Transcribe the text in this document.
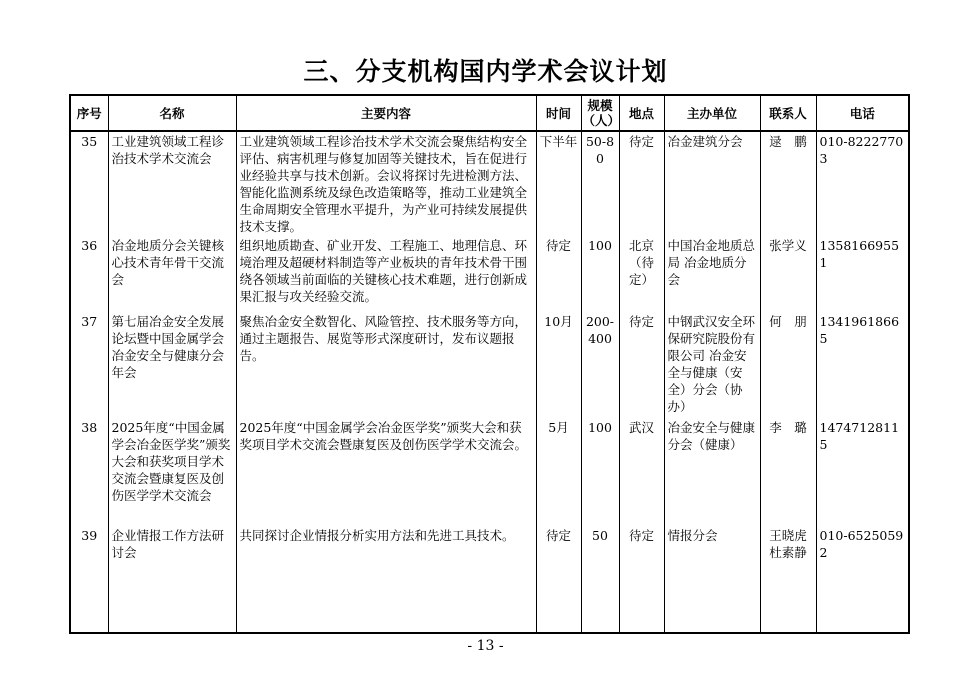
三、分支机构国内学术会议计划
序号	名称	主要内容	时间	规模（人）	地点	主办单位	联系人	电话
35	工业建筑领域工程诊治技术学术交流会	工业建筑领域工程诊治技术学术交流会聚焦结构安全评估、病害机理与修复加固等关键技术，旨在促进行业经验共享与技术创新。会议将探讨先进检测方法、智能化监测系统及绿色改造策略等，推动工业建筑全生命周期安全管理水平提升，为产业可持续发展提供技术支撑。	下半年	50-80	待定	冶金建筑分会	逯　鹏	010-82227703
36	冶金地质分会关键核心技术青年骨干交流会	组织地质勘查、矿业开发、工程施工、地理信息、环境治理及超硬材料制造等产业板块的青年技术骨干围绕各领域当前面临的关键核心技术难题，进行创新成果汇报与攻关经验交流。	待定	100	北京（待定）	中国冶金地质总局 冶金地质分会	张学义	13581669551
37	第七届冶金安全发展论坛暨中国金属学会冶金安全与健康分会年会	聚焦冶金安全数智化、风险管控、技术服务等方向，通过主题报告、展览等形式深度研讨，发布议题报告。	10月	200-400	待定	中钢武汉安全环保研究院股份有限公司 冶金安全与健康（安全）分会（协办）	何　朋	13419618665
38	2025年度“中国金属学会冶金医学奖”颁奖大会和获奖项目学术交流会暨康复医及创伤医学学术交流会	2025年度“中国金属学会冶金医学奖”颁奖大会和获奖项目学术交流会暨康复医及创伤医学学术交流会。	5月	100	武汉	冶金安全与健康分会（健康）	李　璐	14747128115
39	企业情报工作方法研讨会	共同探讨企业情报分析实用方法和先进工具技术。	待定	50	待定	情报分会	王晓虎 杜素静	010-65250592
- 13 -
